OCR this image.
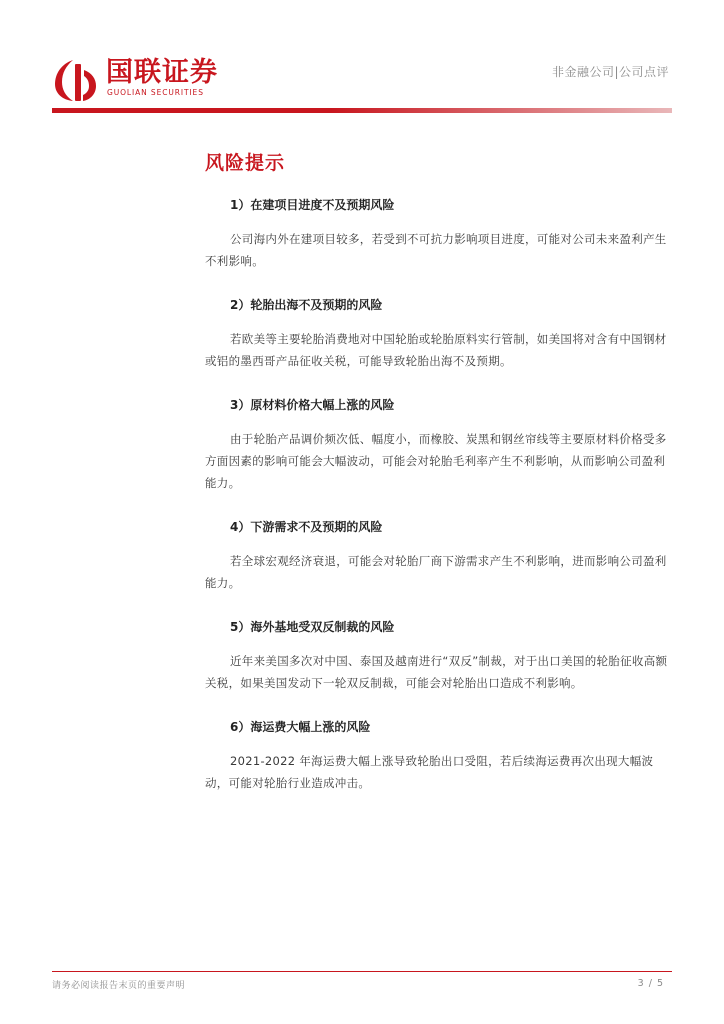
国联证券
GUOLIAN SECURITIES
非金融公司|公司点评
风险提示

1）在建项目进度不及预期风险

公司海内外在建项目较多，若受到不可抗力影响项目进度，可能对公司未来盈利产生不利影响。

2）轮胎出海不及预期的风险

若欧美等主要轮胎消费地对中国轮胎或轮胎原料实行管制，如美国将对含有中国钢材或铝的墨西哥产品征收关税，可能导致轮胎出海不及预期。

3）原材料价格大幅上涨的风险

由于轮胎产品调价频次低、幅度小，而橡胶、炭黑和钢丝帘线等主要原材料价格受多方面因素的影响可能会大幅波动，可能会对轮胎毛利率产生不利影响，从而影响公司盈利能力。

4）下游需求不及预期的风险

若全球宏观经济衰退，可能会对轮胎厂商下游需求产生不利影响，进而影响公司盈利能力。

5）海外基地受双反制裁的风险

近年来美国多次对中国、泰国及越南进行“双反”制裁，对于出口美国的轮胎征收高额关税，如果美国发动下一轮双反制裁，可能会对轮胎出口造成不利影响。

6）海运费大幅上涨的风险

2021-2022 年海运费大幅上涨导致轮胎出口受阻，若后续海运费再次出现大幅波动，可能对轮胎行业造成冲击。

请务必阅读报告末页的重要声明	3 / 5
